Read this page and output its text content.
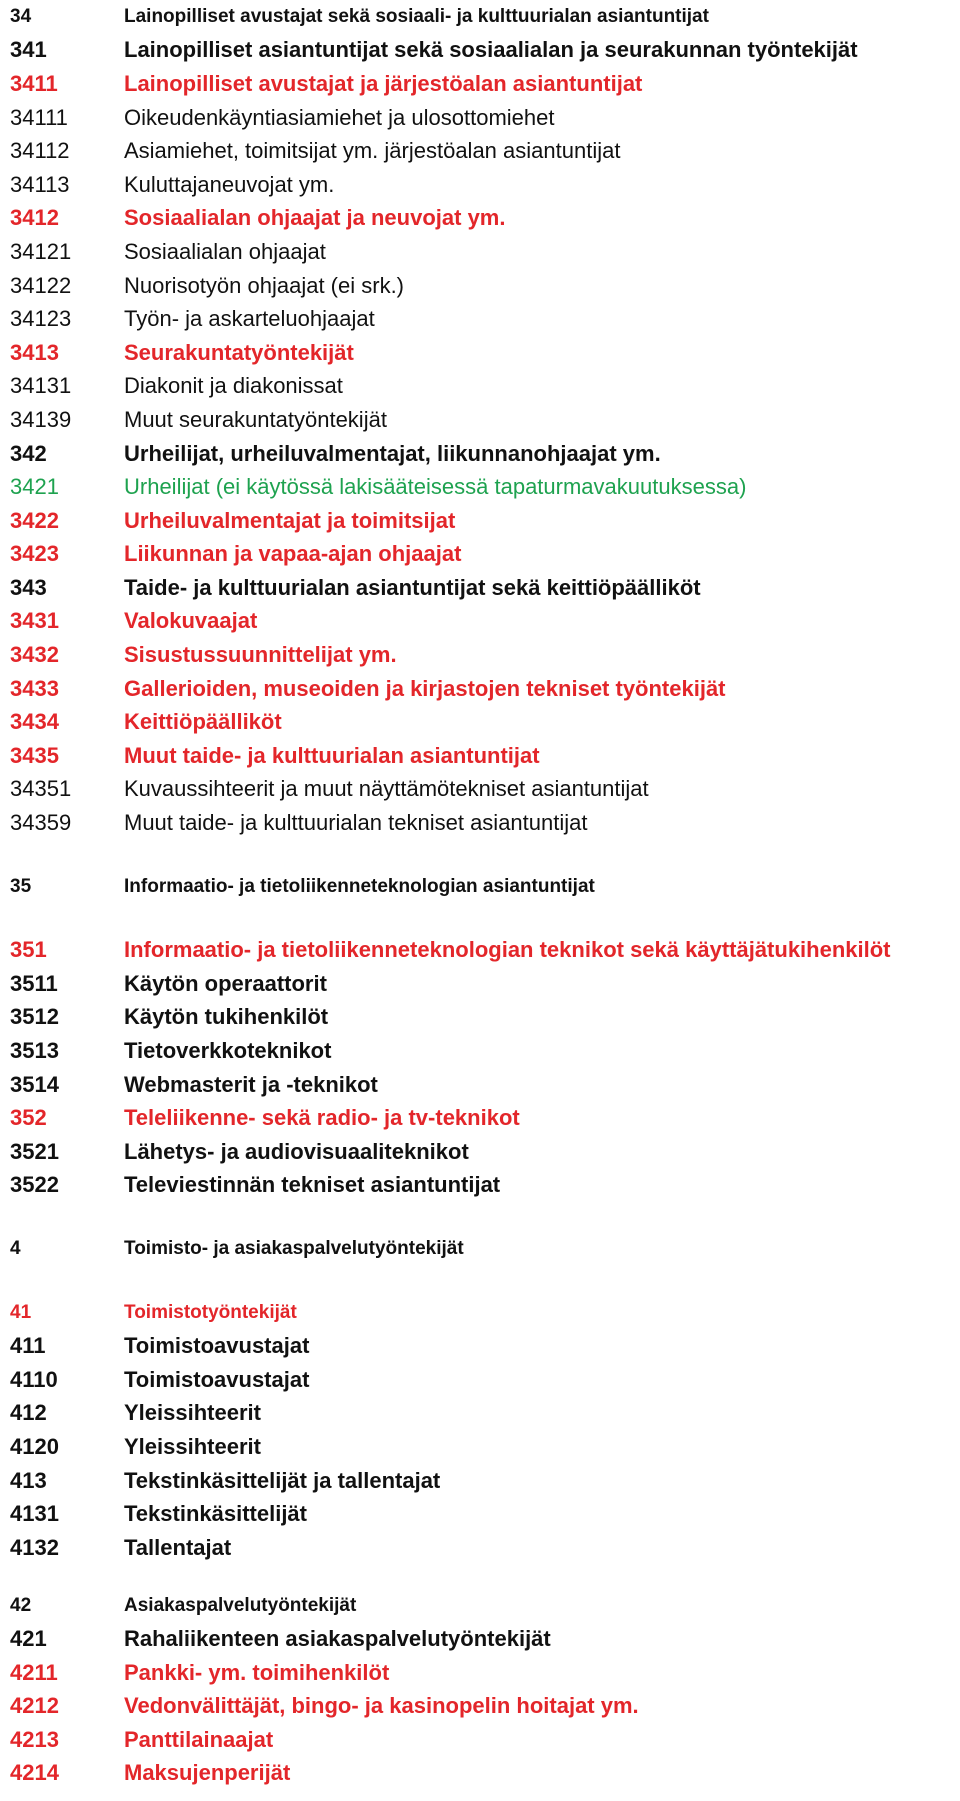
34	Lainopilliset avustajat sekä sosiaali- ja kulttuurialan asiantuntijat
341	Lainopilliset asiantuntijat sekä sosiaalialan ja seurakunnan työntekijät
3411	Lainopilliset avustajat ja järjestöalan asiantuntijat
34111	Oikeudenkäyntiasiamiehet ja ulosottomiehet
34112	Asiamiehet, toimitsijat ym. järjestöalan asiantuntijat
34113	Kuluttajaneuvojat ym.
3412	Sosiaalialan ohjaajat ja neuvojat ym.
34121	Sosiaalialan ohjaajat
34122	Nuorisotyön ohjaajat (ei srk.)
34123	Työn- ja askarteluohjaajat
3413	Seurakuntatyöntekijät
34131	Diakonit ja diakonissat
34139	Muut seurakuntatyöntekijät
342	Urheilijat, urheiluvalmentajat, liikunnanohjaajat ym.
3421	Urheilijat (ei käytössä lakisääteisessä tapaturmavakuutuksessa)
3422	Urheiluvalmentajat ja toimitsijat
3423	Liikunnan ja vapaa-ajan ohjaajat
343	Taide- ja kulttuurialan asiantuntijat sekä keittiöpäälliköt
3431	Valokuvaajat
3432	Sisustussuunnittelijat ym.
3433	Gallerioiden, museoiden ja kirjastojen tekniset työntekijät
3434	Keittiöpäälliköt
3435	Muut taide- ja kulttuurialan asiantuntijat
34351	Kuvaussihteerit ja muut näyttämötekniset asiantuntijat
34359	Muut taide- ja kulttuurialan tekniset asiantuntijat
35	Informaatio- ja tietoliikenneteknologian asiantuntijat
351	Informaatio- ja tietoliikenneteknologian teknikot sekä käyttäjätukihenkilöt
3511	Käytön operaattorit
3512	Käytön tukihenkilöt
3513	Tietoverkkoteknikot
3514	Webmasterit ja -teknikot
352	Teleliikenne- sekä radio- ja tv-teknikot
3521	Lähetys- ja audiovisuaaliteknikot
3522	Televiestinnän tekniset asiantuntijat
4	Toimisto- ja asiakaspalvelutyöntekijät
41	Toimistotyöntekijät
411	Toimistoavustajat
4110	Toimistoavustajat
412	Yleissihteerit
4120	Yleissihteerit
413	Tekstinkäsittelijät ja tallentajat
4131	Tekstinkäsittelijät
4132	Tallentajat
42	Asiakaspalvelutyöntekijät
421	Rahaliikenteen asiakaspalvelutyöntekijät
4211	Pankki- ym. toimihenkilöt
4212	Vedonvälittäjät, bingo- ja kasinopelin hoitajat ym.
4213	Panttilainaajat
4214	Maksujenperijät
